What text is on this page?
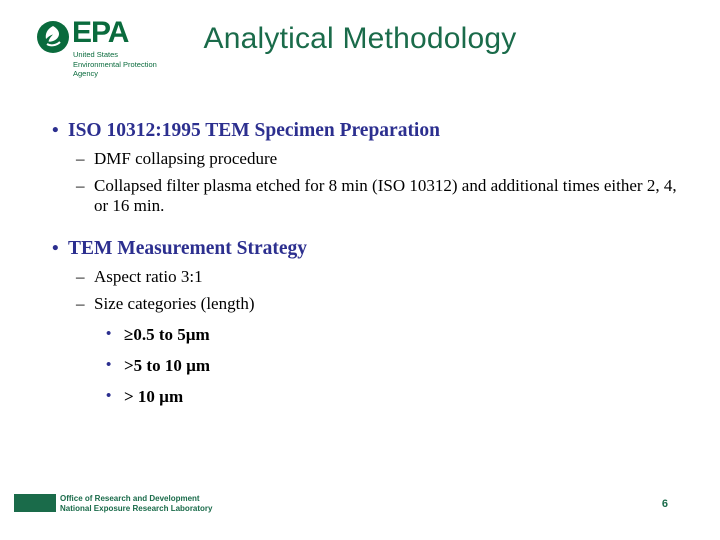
EPA
United States
Environmental Protection
Agency
Analytical Methodology
• ISO 10312:1995 TEM Specimen Preparation
– DMF collapsing procedure
– Collapsed filter plasma etched for 8 min (ISO 10312) and additional times either 2, 4, or 16 min.
• TEM Measurement Strategy
– Aspect ratio 3:1
– Size categories (length)
• ≥0.5 to 5µm
• >5 to 10 µm
• > 10 µm
Office of Research and Development
National Exposure Research Laboratory	6
